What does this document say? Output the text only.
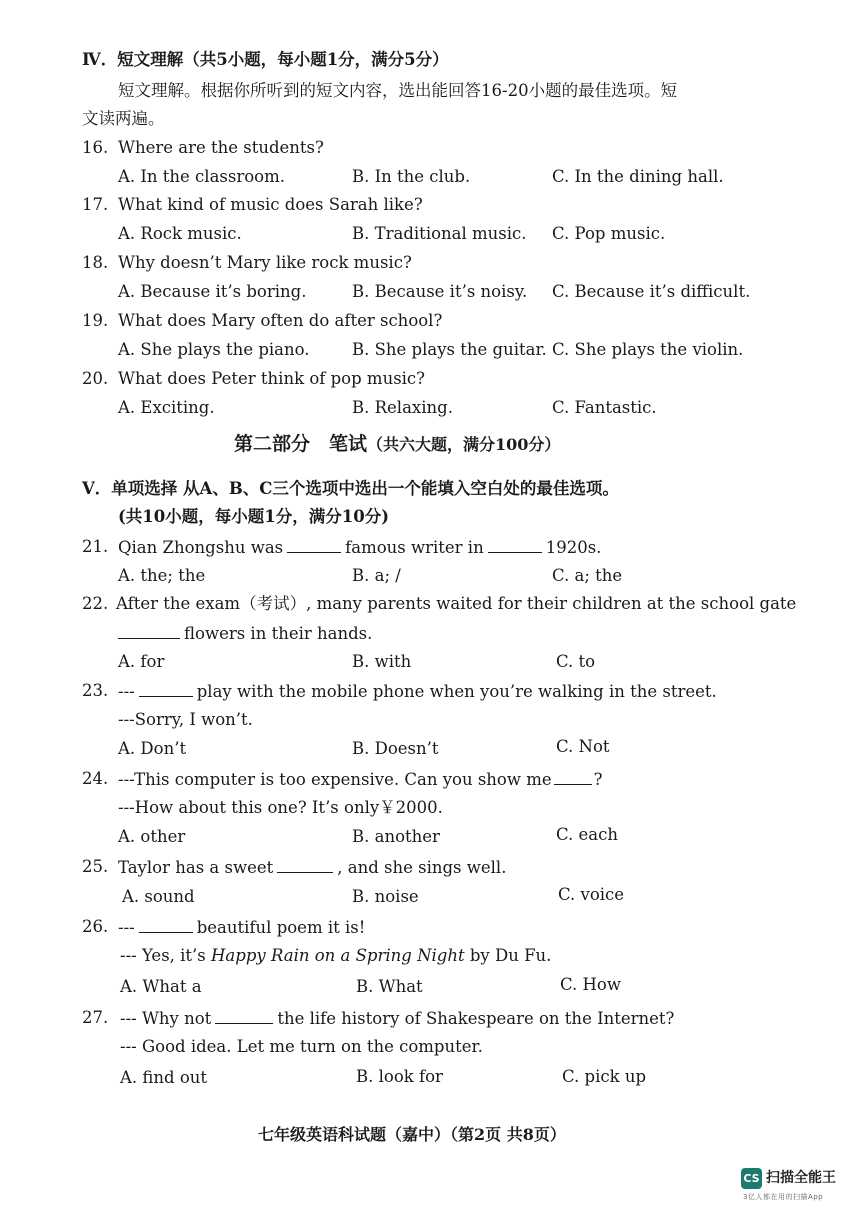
Ⅳ．短文理解（共5小题，每小题1分，满分5分）
短文理解。根据你所听到的短文内容，选出能回答16-20小题的最佳选项。短
文读两遍。
16. Where are the students?
A. In the classroom.	B. In the club.	C. In the dining hall.
17. What kind of music does Sarah like?
A. Rock music.	B. Traditional music. C. Pop music.
18. Why doesn’t Mary like rock music?
A. Because it’s boring.	B. Because it’s noisy. C. Because it’s difficult.
19. What does Mary often do after school?
A. She plays the piano.	B. She plays the guitar. C. She plays the violin.
20. What does Peter think of pop music?
A. Exciting.	B. Relaxing.	C. Fantastic.
第二部分　笔试（共六大题，满分100分）
V．单项选择 从A、B、C三个选项中选出一个能填入空白处的最佳选项。
(共10小题，每小题1分，满分10分)
21. Qian Zhongshu was	famous writer in	1920s.
A. the; the	B. a; /	C. a; the
22. After the exam（考试）, many parents waited for their children at the school gate
flowers in their hands.
A. for	B. with	C. to
23. ---	play with the mobile phone when you’re walking in the street.
---Sorry, I won’t.
A. Don’t	B. Doesn’t	C. Not
24. ---This computer is too expensive. Can you show me	?
---How about this one? It’s only￥2000.
A. other	B. another	C. each
25. Taylor has a sweet	, and she sings well.
A. sound	B. noise	C. voice
26. ---	beautiful poem it is!
--- Yes, it’s Happy Rain on a Spring Night by Du Fu.
A. What a	B. What	C. How
27. --- Why not	the life history of Shakespeare on the Internet?
--- Good idea. Let me turn on the computer.
A. find out	B. look for	C. pick up
七年级英语科试题（嘉中）（第2页 共8页）
CS 扫描全能王
3亿人都在用的扫描App
